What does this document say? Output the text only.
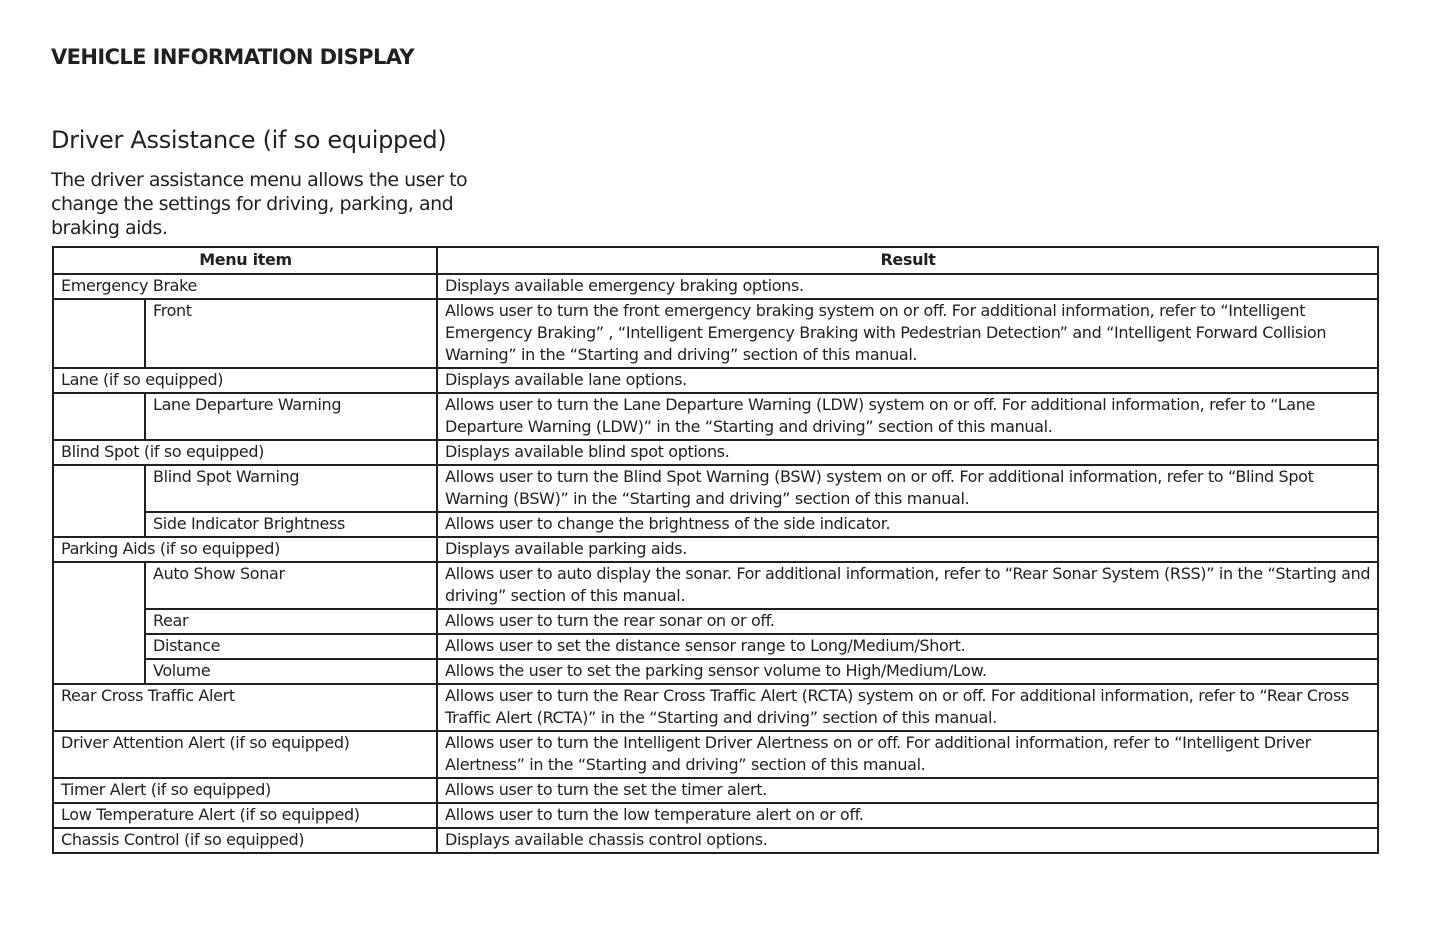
VEHICLE INFORMATION DISPLAY
Driver Assistance (if so equipped)

The driver assistance menu allows the user to change the settings for driving, parking, and braking aids.

Menu item		Result
Emergency Brake		Displays available emergency braking options.
	Front	Allows user to turn the front emergency braking system on or off. For additional information, refer to “Intelligent Emergency Braking” , “Intelligent Emergency Braking with Pedestrian Detection” and “Intelligent Forward Collision Warning” in the “Starting and driving” section of this manual.
Lane (if so equipped)		Displays available lane options.
	Lane Departure Warning	Allows user to turn the Lane Departure Warning (LDW) system on or off. For additional information, refer to “Lane Departure Warning (LDW)” in the “Starting and driving” section of this manual.
Blind Spot (if so equipped)		Displays available blind spot options.
	Blind Spot Warning	Allows user to turn the Blind Spot Warning (BSW) system on or off. For additional information, refer to “Blind Spot Warning (BSW)” in the “Starting and driving” section of this manual.
	Side Indicator Brightness	Allows user to change the brightness of the side indicator.
Parking Aids (if so equipped)		Displays available parking aids.
	Auto Show Sonar	Allows user to auto display the sonar. For additional information, refer to “Rear Sonar System (RSS)” in the “Starting and driving” section of this manual.
	Rear	Allows user to turn the rear sonar on or off.
	Distance	Allows user to set the distance sensor range to Long/Medium/Short.
	Volume	Allows the user to set the parking sensor volume to High/Medium/Low.
Rear Cross Traffic Alert		Allows user to turn the Rear Cross Traffic Alert (RCTA) system on or off. For additional information, refer to “Rear Cross Traffic Alert (RCTA)” in the “Starting and driving” section of this manual.
Driver Attention Alert (if so equipped)		Allows user to turn the Intelligent Driver Alertness on or off. For additional information, refer to “Intelligent Driver Alertness” in the “Starting and driving” section of this manual.
Timer Alert (if so equipped)		Allows user to turn the set the timer alert.
Low Temperature Alert (if so equipped)		Allows user to turn the low temperature alert on or off.
Chassis Control (if so equipped)		Displays available chassis control options.
